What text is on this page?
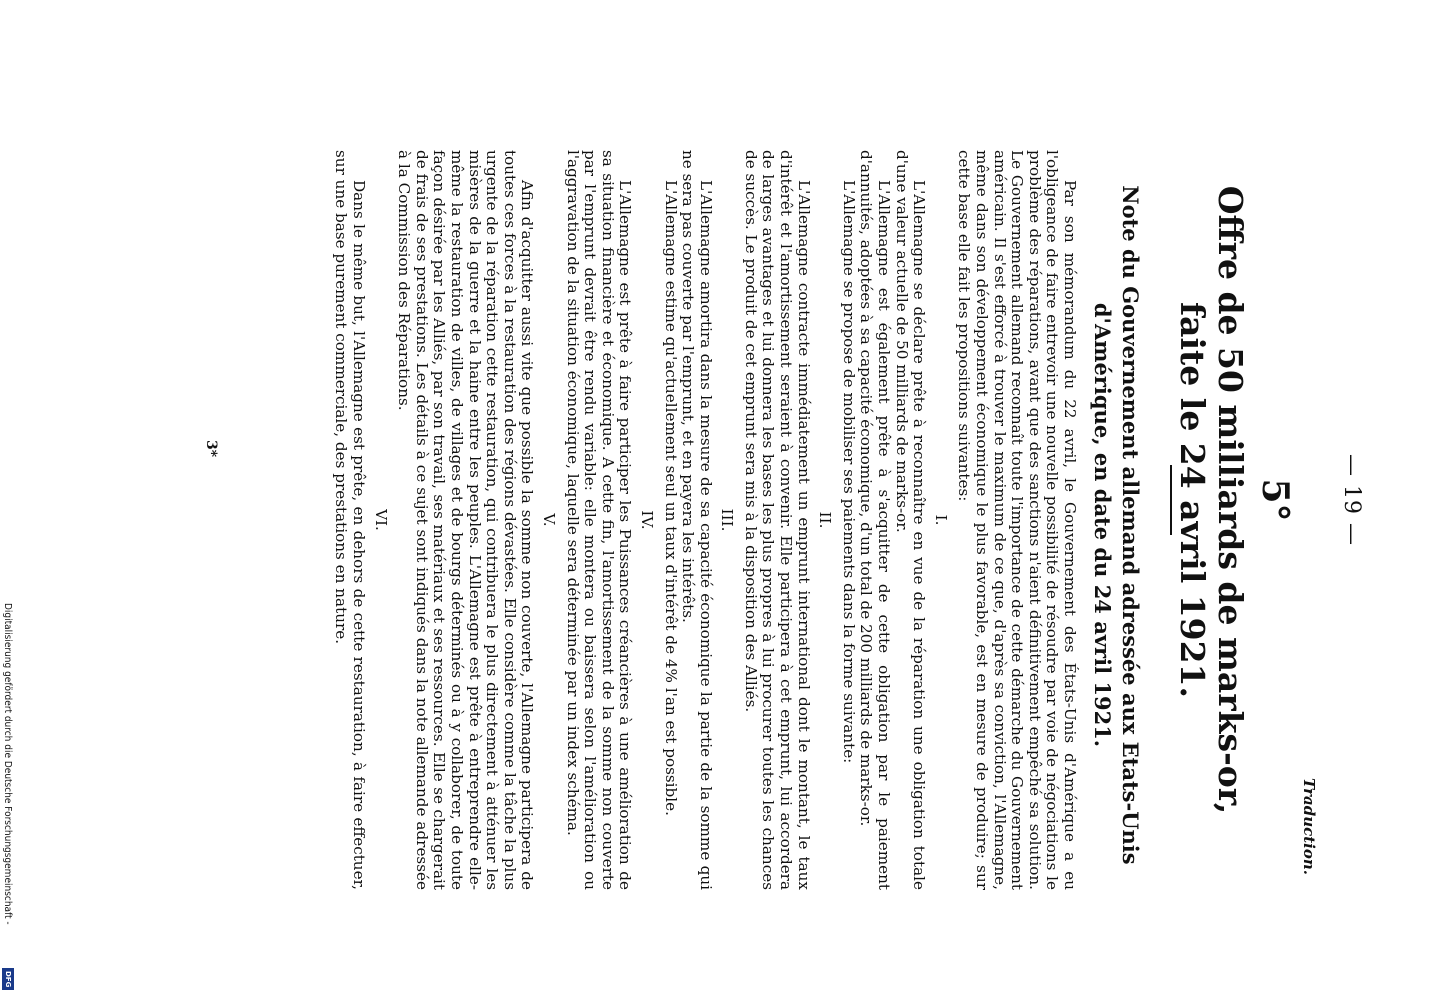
— 19 —
Traduction.
5°
Offre de 50 milliards de marks-or, faite le 24 avril 1921.
Note du Gouvernement allemand adressée aux Etats-Unis d'Amérique, en date du 24 avril 1921.

Par son mémorandum du 22 avril, le Gouvernement des États-Unis d'Amérique a eu l'obligeance de faire entrevoir une nouvelle possibilité de résoudre par voie de négociations le problème des réparations, avant que des sanctions n'aient définitivement empêché sa solution. Le Gouvernement allemand reconnaît toute l'importance de cette démarche du Gouvernement américain. Il s'est efforcé à trouver le maximum de ce que, d'après sa conviction, l'Allemagne, même dans son développement économique le plus favorable, est en mesure de produire; sur cette base elle fait les propositions suivantes:

I.

L'Allemagne se déclare prête à reconnaître en vue de la réparation une obligation totale d'une valeur actuelle de 50 milliards de marks-or.

L'Allemagne est également prête à s'acquitter de cette obligation par le paiement d'annuités, adoptées à sa capacité économique, d'un total de 200 milliards de marks-or.

L'Allemagne se propose de mobiliser ses paiements dans la forme suivante:

II.

L'Allemagne contracte immédiatement un emprunt international dont le montant, le taux d'intérêt et l'amortissement seraient à convenir. Elle participera à cet emprunt, lui accordera de larges avantages et lui donnera les bases les plus propres à lui procurer toutes les chances de succès. Le produit de cet emprunt sera mis à la disposition des Alliés.

III.

L'Allemagne amortira dans la mesure de sa capacité économique la partie de la somme qui ne sera pas couverte par l'emprunt, et en payera les intérêts.

L'Allemagne estime qu'actuellement seul un taux d'intérêt de 4% l'an est possible.

IV.

L'Allemagne est prête à faire participer les Puissances créancières à une amélioration de sa situation financière et économique. A cette fin, l'amortissement de la somme non couverte par l'emprunt devrait être rendu variable: elle montera ou baissera selon l'amélioration ou l'aggravation de la situation économique, laquelle sera déterminée par un index schéma.

V.

Afin d'acquitter aussi vite que possible la somme non couverte, l'Allemagne participera de toutes ces forces à la restauration des régions dévastées. Elle considère comme la tâche la plus urgente de la réparation cette restauration, qui contribuera le plus directement à atténuer les misères de la guerre et la haine entre les peuples. L'Allemagne est prête à entreprendre elle-même la restauration de villes, de villages et de bourgs déterminés ou à y collaborer, de toute façon désirée par les Alliés, par son travail, ses matériaux et ses ressources. Elle se chargerait de frais de ses prestations. Les détails à ce sujet sont indiqués dans la note allemande adressée à la Commission des Réparations.

VI.

Dans le même but, l'Allemagne est prête, en dehors de cette restauration, à faire effectuer, sur une base purement commerciale, des prestations en nature.

3*
Digitalisierung gefördert durch die Deutsche Forschungsgemeinschaft -
DFG
